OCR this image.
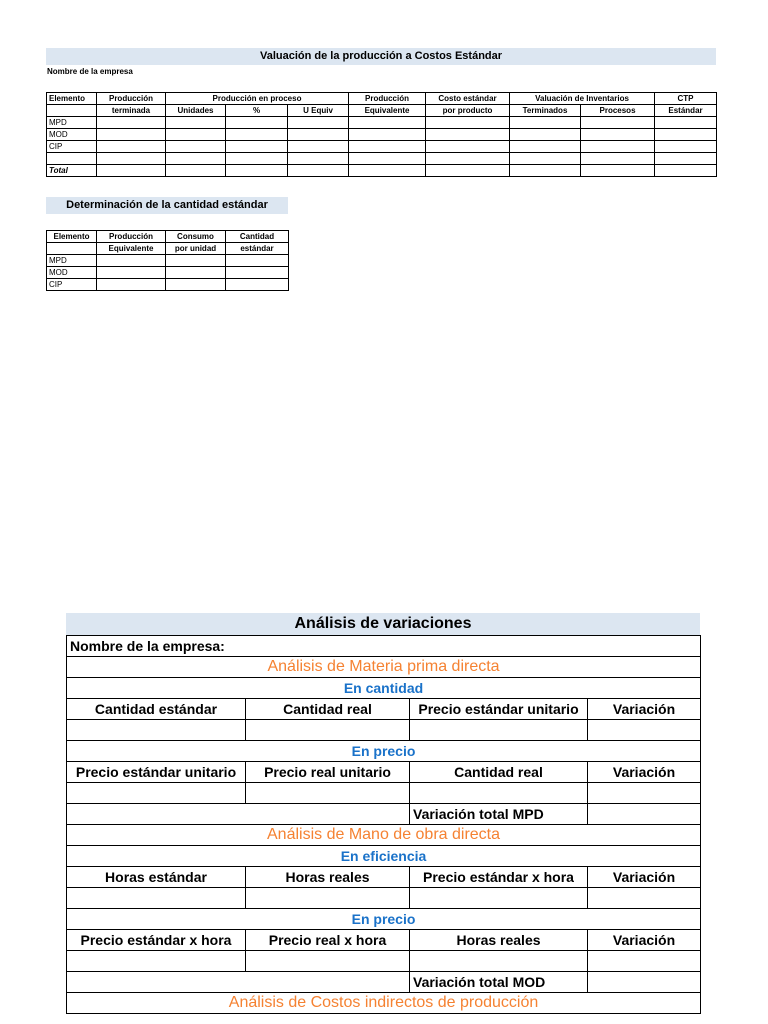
Valuación de la producción a Costos Estándar
Nombre de la empresa
Elemento	Producción	Producción en proceso			Producción	Costo estándar	Valuación de Inventarios		CTP
	terminada	Unidades	%	U Equiv	Equivalente	por producto	Terminados	Procesos	Estándar
MPD									
MOD									
CIP									

Total									
Determinación de la cantidad estándar
Elemento	Producción	Consumo	Cantidad
	Equivalente	por unidad	estándar
MPD			
MOD			
CIP			
Análisis de variaciones
Nombre de la empresa:			
Análisis de Materia prima directa			
En cantidad			
Cantidad estándar	Cantidad real	Precio estándar unitario	Variación

En precio			
Precio estándar unitario	Precio real unitario	Cantidad real	Variación

		Variación total MPD	
Análisis de Mano de obra directa			
En eficiencia			
Horas estándar	Horas reales	Precio estándar x hora	Variación

En precio			
Precio estándar x hora	Precio real x hora	Horas reales	Variación

		Variación total MOD	
Análisis de Costos indirectos de producción			
